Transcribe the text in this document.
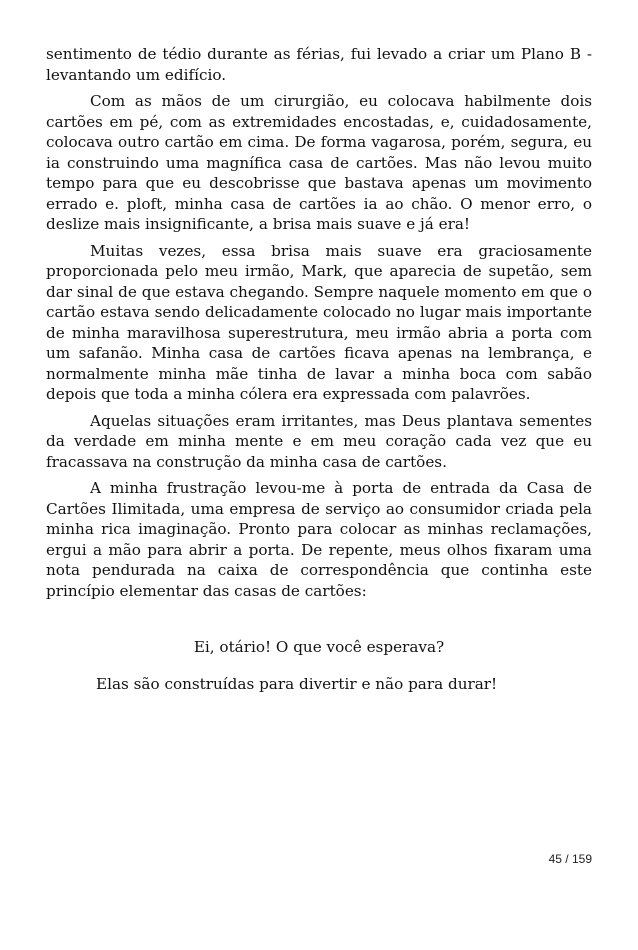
sentimento de tédio durante as férias, fui levado a criar um Plano B -levantando um edifício.

Com as mãos de um cirurgião, eu colocava habilmente dois cartões em pé, com as extremidades encostadas, e, cuidadosamente, colocava outro cartão em cima. De forma vagarosa, porém, segura, eu ia construindo uma magnífica casa de cartões. Mas não levou muito tempo para que eu descobrisse que bastava apenas um movimento errado e. ploft, minha casa de cartões ia ao chão. O menor erro, o deslize mais insignificante, a brisa mais suave e já era!

Muitas vezes, essa brisa mais suave era graciosamente proporcionada pelo meu irmão, Mark, que aparecia de supetão, sem dar sinal de que estava chegando. Sempre naquele momento em que o cartão estava sendo delicadamente colocado no lugar mais importante de minha maravilhosa superestrutura, meu irmão abria a porta com um safanão. Minha casa de cartões ficava apenas na lembrança, e normalmente minha mãe tinha de lavar a minha boca com sabão depois que toda a minha cólera era expressada com palavrões.

Aquelas situações eram irritantes, mas Deus plantava sementes da verdade em minha mente e em meu coração cada vez que eu fracassava na construção da minha casa de cartões.

A minha frustração levou-me à porta de entrada da Casa de Cartões Ilimitada, uma empresa de serviço ao consumidor criada pela minha rica imaginação. Pronto para colocar as minhas reclamações, ergui a mão para abrir a porta. De repente, meus olhos fixaram uma nota pendurada na caixa de correspondência que continha este princípio elementar das casas de cartões:

Ei, otário! O que você esperava?

Elas são construídas para divertir e não para durar!

45 / 159
